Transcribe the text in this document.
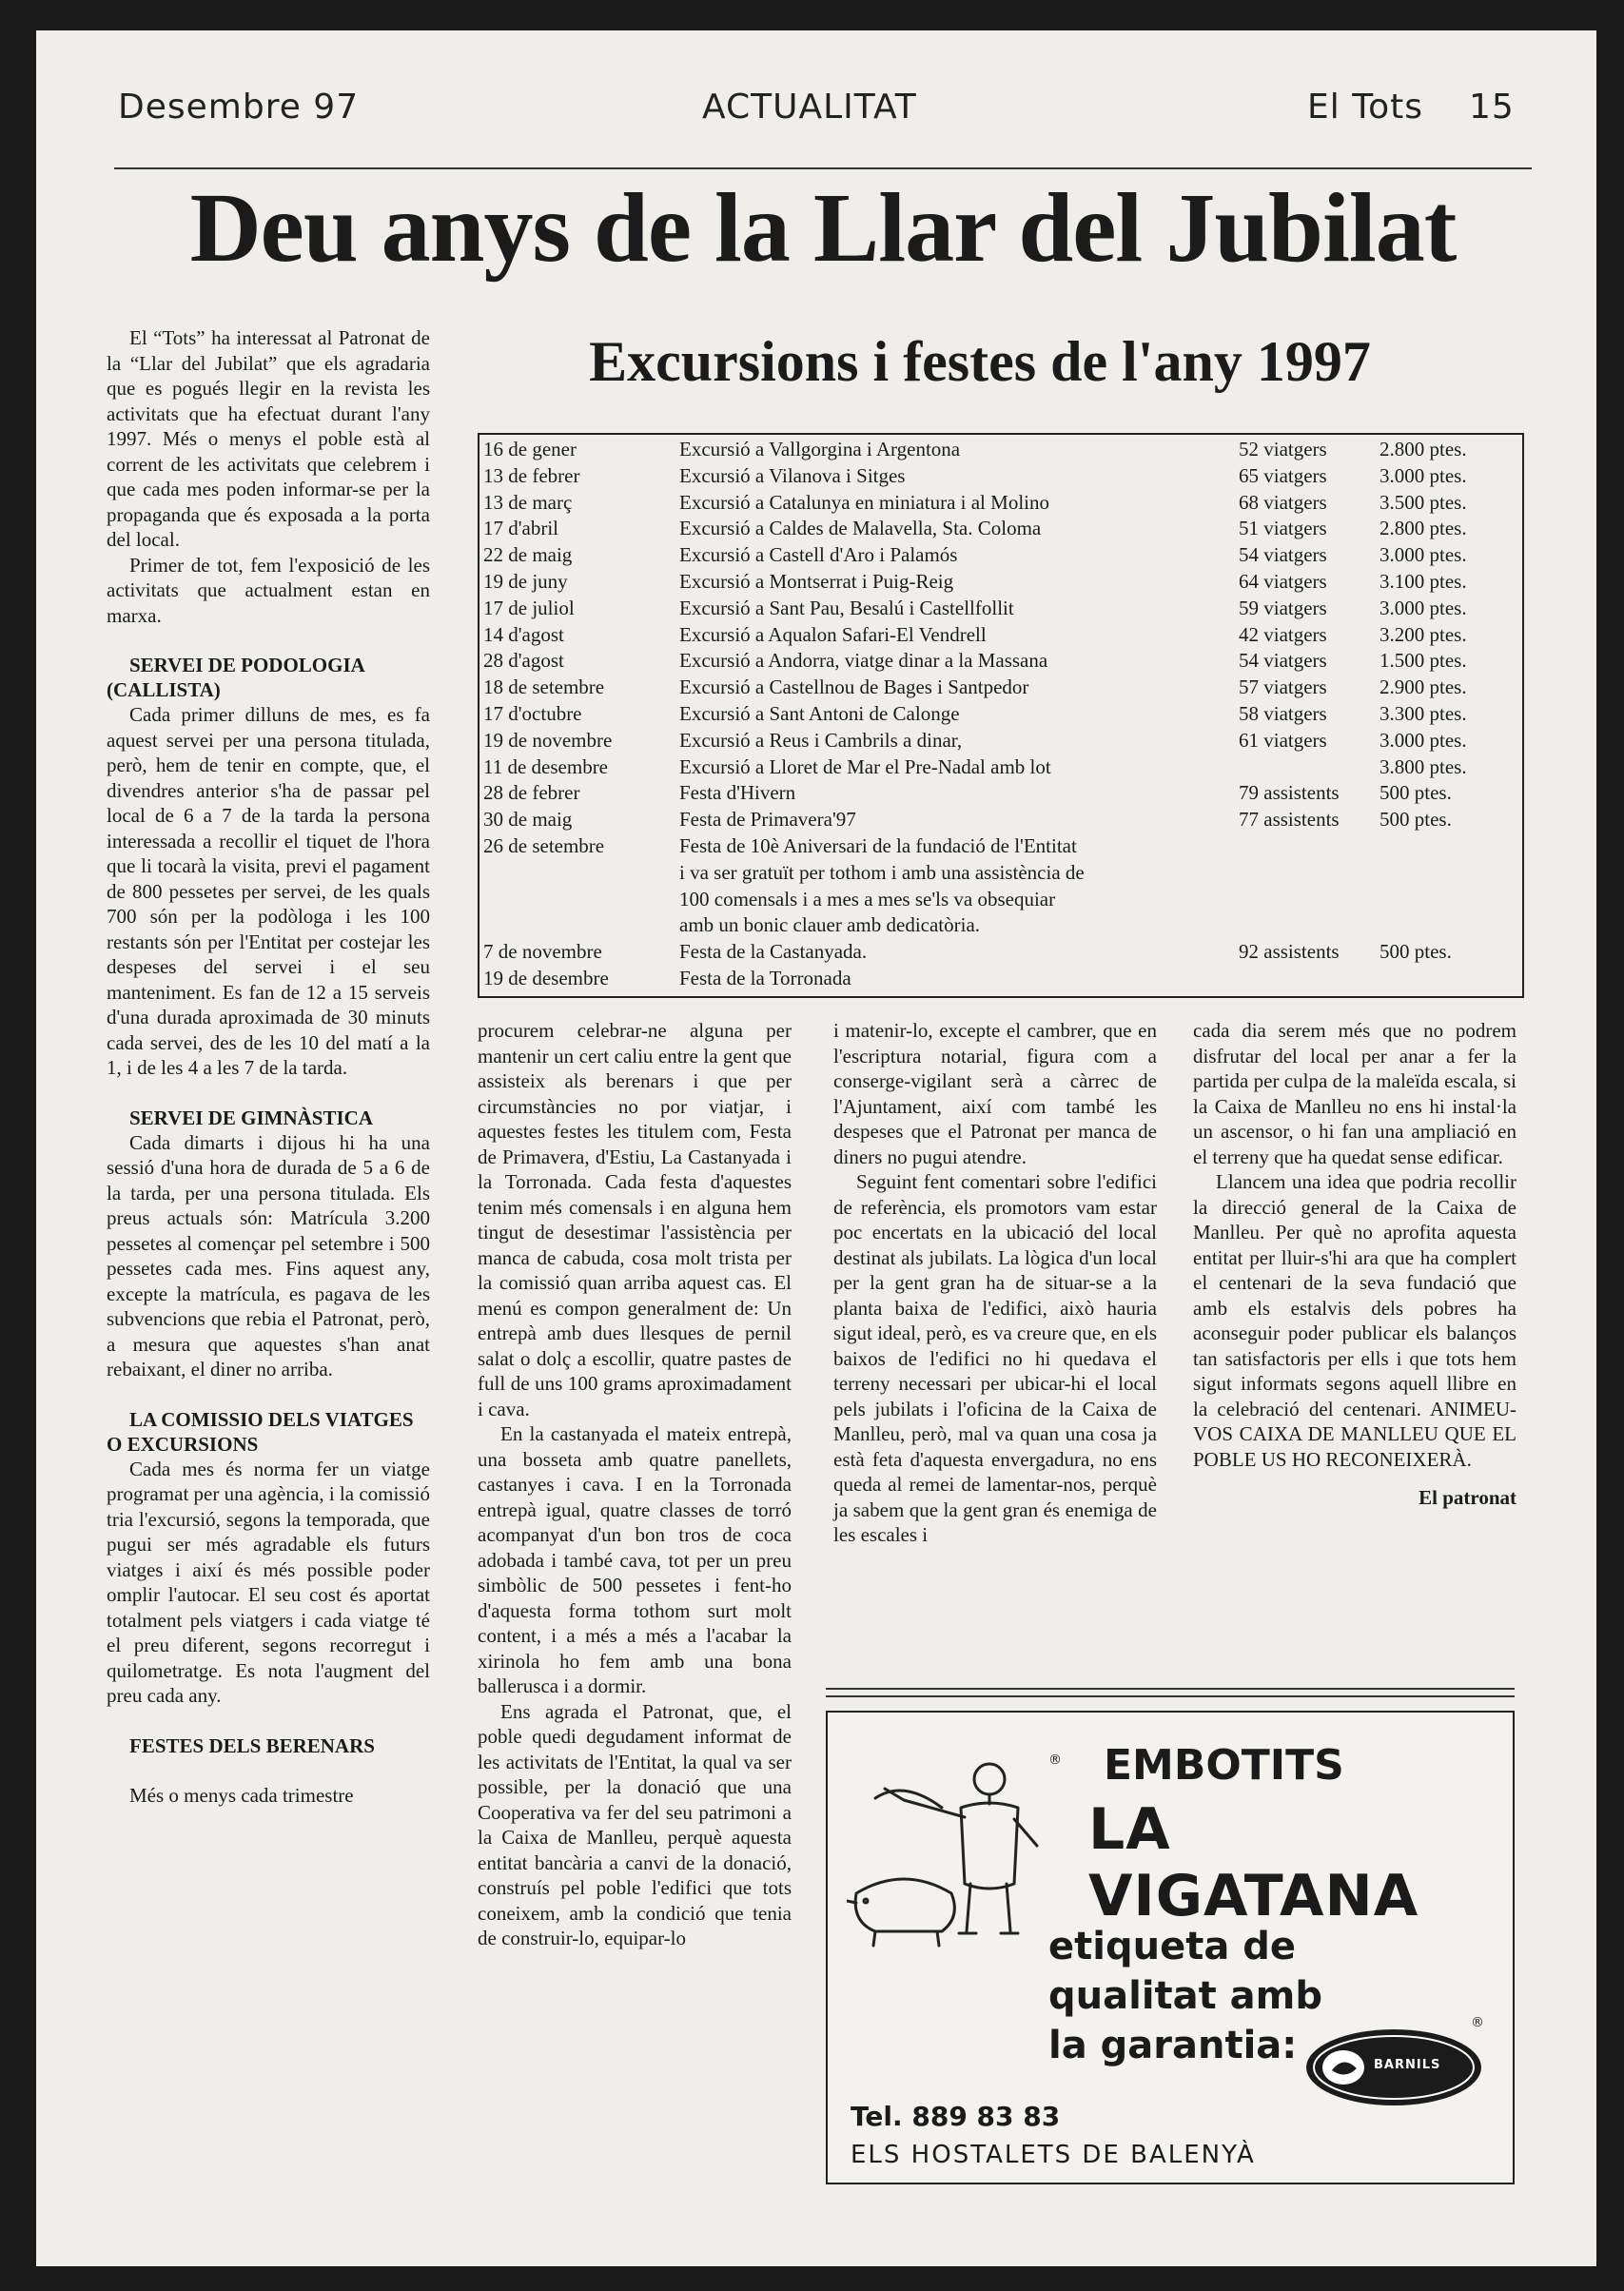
Desembre 97	ACTUALITAT	El Tots 15
Deu anys de la Llar del Jubilat
Excursions i festes de l'any 1997
16 de gener	Excursió a Vallgorgina i Argentona	52 viatgers	2.800 ptes.
13 de febrer	Excursió a Vilanova i Sitges	65 viatgers	3.000 ptes.
13 de març	Excursió a Catalunya en miniatura i al Molino	68 viatgers	3.500 ptes.
17 d'abril	Excursió a Caldes de Malavella, Sta. Coloma	51 viatgers	2.800 ptes.
22 de maig	Excursió a Castell d'Aro i Palamós	54 viatgers	3.000 ptes.
19 de juny	Excursió a Montserrat i Puig-Reig	64 viatgers	3.100 ptes.
17 de juliol	Excursió a Sant Pau, Besalú i Castellfollit	59 viatgers	3.000 ptes.
14 d'agost	Excursió a Aqualon Safari-El Vendrell	42 viatgers	3.200 ptes.
28 d'agost	Excursió a Andorra, viatge dinar a la Massana	54 viatgers	1.500 ptes.
18 de setembre	Excursió a Castellnou de Bages i Santpedor	57 viatgers	2.900 ptes.
17 d'octubre	Excursió a Sant Antoni de Calonge	58 viatgers	3.300 ptes.
19 de novembre	Excursió a Reus i Cambrils a dinar,	61 viatgers	3.000 ptes.
11 de desembre	Excursió a Lloret de Mar el Pre-Nadal amb lot	3.800 ptes.
28 de febrer	Festa d'Hivern	79 assistents 500 ptes.
30 de maig	Festa de Primavera'97	77 assistents 500 ptes.
26 de setembre	Festa de 10è Aniversari de la fundació de l'Entitat
i va ser gratuït per tothom i amb una assistència de
100 comensals i a mes a mes se'ls va obsequiar
amb un bonic clauer amb dedicatòria.
7 de novembre	Festa de la Castanyada.	92 assistents 500 ptes.
19 de desembre	Festa de la Torronada

El “Tots” ha interessat al Patronat de la “Llar del Jubilat” que els agradaria que es pogués llegir en la revista les activitats que ha efectuat durant l'any 1997. Més o menys el poble està al corrent de les activitats que celebrem i que cada mes poden informar-se per la propaganda que és exposada a la porta del local.

Primer de tot, fem l'exposició de les activitats que actualment estan en marxa.

SERVEI DE PODOLOGIA (CALLISTA)

Cada primer dilluns de mes, es fa aquest servei per una persona titulada, però, hem de tenir en compte, que, el divendres anterior s'ha de passar pel local de 6 a 7 de la tarda la persona interessada a recollir el tiquet de l'hora que li tocarà la visita, previ el pagament de 800 pessetes per servei, de les quals 700 són per la podòloga i les 100 restants són per l'Entitat per costejar les despeses del servei i el seu manteniment. Es fan de 12 a 15 serveis d'una durada aproximada de 30 minuts cada servei, des de les 10 del matí a la 1, i de les 4 a les 7 de la tarda.

SERVEI DE GIMNÀSTICA

Cada dimarts i dijous hi ha una sessió d'una hora de durada de 5 a 6 de la tarda, per una persona titulada. Els preus actuals són: Matrícula 3.200 pessetes al començar pel setembre i 500 pessetes cada mes. Fins aquest any, excepte la matrícula, es pagava de les subvencions que rebia el Patronat, però, a mesura que aquestes s'han anat rebaixant, el diner no arriba.

LA COMISSIO DELS VIATGES O EXCURSIONS

Cada mes és norma fer un viatge programat per una agència, i la comissió tria l'excursió, segons la temporada, que pugui ser més agradable els futurs viatges i així és més possible poder omplir l'autocar. El seu cost és aportat totalment pels viatgers i cada viatge té el preu diferent, segons recorregut i quilometratge. Es nota l'augment del preu cada any.

FESTES DELS BERENARS

Més o menys cada trimestre

procurem celebrar-ne alguna per mantenir un cert caliu entre la gent que assisteix als berenars i que per circumstàncies no por viatjar, i aquestes festes les titulem com, Festa de Primavera, d'Estiu, La Castanyada i la Torronada. Cada festa d'aquestes tenim més comensals i en alguna hem tingut de desestimar l'assistència per manca de cabuda, cosa molt trista per la comissió quan arriba aquest cas. El menú es compon generalment de: Un entrepà amb dues llesques de pernil salat o dolç a escollir, quatre pastes de full de uns 100 grams aproximadament i cava.

En la castanyada el mateix entrepà, una bosseta amb quatre panellets, castanyes i cava. I en la Torronada entrepà igual, quatre classes de torró acompanyat d'un bon tros de coca adobada i també cava, tot per un preu simbòlic de 500 pessetes i fent-ho d'aquesta forma tothom surt molt content, i a més a més a l'acabar la xirinola ho fem amb una bona ballerusca i a dormir.

Ens agrada el Patronat, que, el poble quedi degudament informat de les activitats de l'Entitat, la qual va ser possible, per la donació que una Cooperativa va fer del seu patrimoni a la Caixa de Manlleu, perquè aquesta entitat bancària a canvi de la donació, construís pel poble l'edifici que tots coneixem, amb la condició que tenia de construir-lo, equipar-lo

i matenir-lo, excepte el cambrer, que en l'escriptura notarial, figura com a conserge-vigilant serà a càrrec de l'Ajuntament, així com també les despeses que el Patronat per manca de diners no pugui atendre.

Seguint fent comentari sobre l'edifici de referència, els promotors vam estar poc encertats en la ubicació del local destinat als jubilats. La lògica d'un local per la gent gran ha de situar-se a la planta baixa de l'edifici, això hauria sigut ideal, però, es va creure que, en els baixos de l'edifici no hi quedava el terreny necessari per ubicar-hi el local pels jubilats i l'oficina de la Caixa de Manlleu, però, mal va quan una cosa ja està feta d'aquesta envergadura, no ens queda al remei de lamentar-nos, perquè ja sabem que la gent gran és enemiga de les escales i

cada dia serem més que no podrem disfrutar del local per anar a fer la partida per culpa de la maleïda escala, si la Caixa de Manlleu no ens hi instal·la un ascensor, o hi fan una ampliació en el terreny que ha quedat sense edificar.

Llancem una idea que podria recollir la direcció general de la Caixa de Manlleu. Per què no aprofita aquesta entitat per lluir-s'hi ara que ha complert el centenari de la seva fundació que amb els estalvis dels pobres ha aconseguir poder publicar els balanços tan satisfactoris per ells i que tots hem sigut informats segons aquell llibre en la celebració del centenari. ANIMEU-VOS CAIXA DE MANLLEU QUE EL POBLE US HO RECONEIXERÀ.

El patronat

® EMBOTITS
LA VIGATANA
etiqueta de
qualitat amb
la garantia:	BARNILS
®
Tel. 889 83 83
ELS HOSTALETS DE BALENYÀ
